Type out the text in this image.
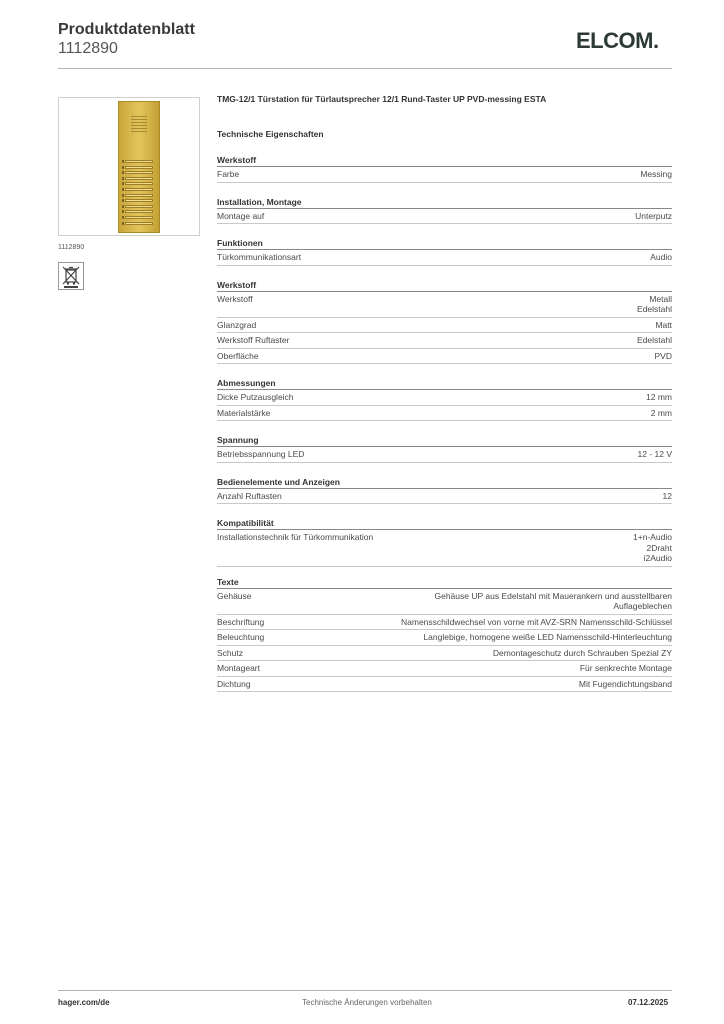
Produktdatenblatt
1112890	ELCOM.
1112890
TMG-12/1 Türstation für Türlautsprecher 12/1 Rund-Taster UP PVD-messing ESTA
Technische Eigenschaften
Werkstoff
Farbe	Messing
Installation, Montage
Montage auf	Unterputz
Funktionen
Türkommunikationsart	Audio
Werkstoff
Werkstoff	Metall
Edelstahl
Glanzgrad	Matt
Werkstoff Ruftaster	Edelstahl
Oberfläche	PVD
Abmessungen
Dicke Putzausgleich	12 mm
Materialstärke	2 mm
Spannung
Betriebsspannung LED	12 - 12 V
Bedienelemente und Anzeigen
Anzahl Ruftasten	12
Kompatibilität
Installationstechnik für Türkommunikation	1+n-Audio
2Draht
i2Audio
Texte
Gehäuse	Gehäuse UP aus Edelstahl mit Mauerankern und ausstellbaren Auflageblechen
Beschriftung	Namensschildwechsel von vorne mit AVZ-SRN Namensschild-Schlüssel
Beleuchtung	Langlebige, homogene weiße LED Namensschild-Hinterleuchtung
Schutz	Demontageschutz durch Schrauben Spezial ZY
Montageart	Für senkrechte Montage
Dichtung	Mit Fugendichtungsband
hager.com/de	Technische Änderungen vorbehalten	07.12.2025
